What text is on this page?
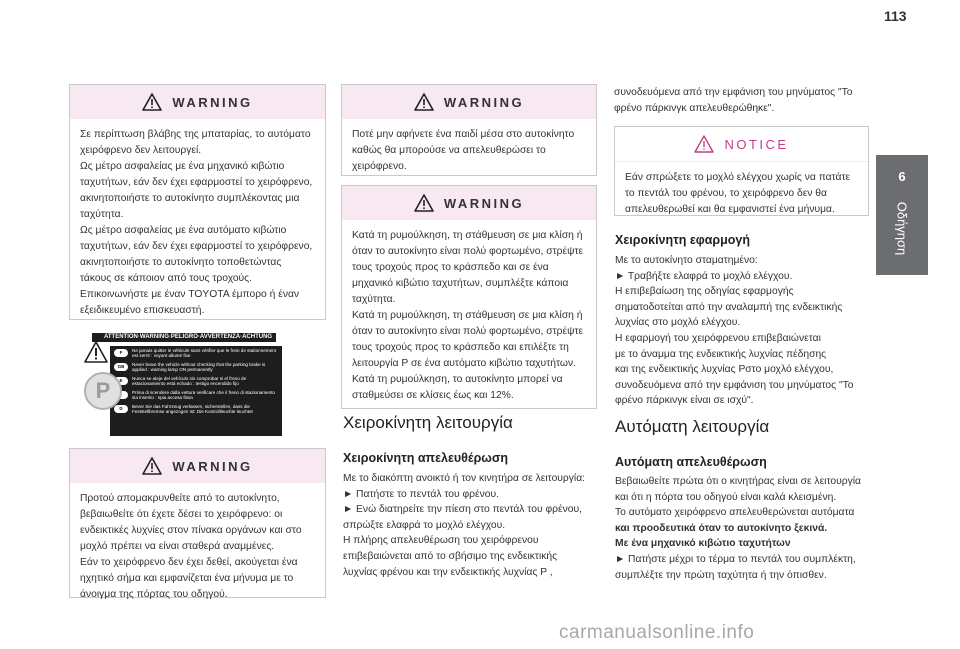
113
6
Οδήγηση
WARNING

Σε περίπτωση βλάβης της μπαταρίας, το αυτόματο

χειρόφρενο δεν λειτουργεί.

Ως μέτρο ασφαλείας με ένα μηχανικό κιβώτιο

ταχυτήτων, εάν δεν έχει εφαρμοστεί το χειρόφρενο,

ακινητοποιήστε το αυτοκίνητο συμπλέκοντας μια

ταχύτητα.

Ως μέτρο ασφαλείας με ένα αυτόματο κιβώτιο

ταχυτήτων, εάν δεν έχει εφαρμοστεί το χειρόφρενο,

ακινητοποιήστε το αυτοκίνητο τοποθετώντας

τάκους σε κάποιον από τους τροχούς.

Επικοινωνήστε με έναν TOYOTA έμπορο ή έναν

εξειδικευμένο επισκευαστή.

ATTENTION·WARNING·PELIGRO·AVVERTENZA·ACHTUNG
F	Ne jamais quitter le véhicule sans vérifier que le frein de stationnement est serré : voyant allumé fixe
GB	Never leave the vehicle without checking that the parking brake is applied : warning lamp ON permanently
E	Nunca se aleje del vehículo sin comprobar si el freno de estacionamiento está echado : testigo encendido fijo
Prima di scendere dalla vettura verificare che il freno di stazionamento sia inserito : spia accesa fissa
D	Bevor Sie das Fahrzeug verlassen, sicherstellen, dass die Feststellbremse angezogen ist: Die Kontrollleuchte leuchtet
P
WARNING

Προτού απομακρυνθείτε από το αυτοκίνητο,

βεβαιωθείτε ότι έχετε δέσει το χειρόφρενο: οι

ενδεικτικές λυχνίες στον πίνακα οργάνων και στο

μοχλό πρέπει να είναι σταθερά αναμμένες.

Εάν το χειρόφρενο δεν έχει δεθεί, ακούγεται ένα

ηχητικό σήμα και εμφανίζεται ένα μήνυμα με το

άνοιγμα της πόρτας του οδηγού.

WARNING

Ποτέ μην αφήνετε ένα παιδί μέσα στο αυτοκίνητο

καθώς θα μπορούσε να απελευθερώσει το

χειρόφρενο.

WARNING

Κατά τη ρυμούλκηση, τη στάθμευση σε μια κλίση ή

όταν το αυτοκίνητο είναι πολύ φορτωμένο, στρέψτε

τους τροχούς προς το κράσπεδο και σε ένα

μηχανικό κιβώτιο ταχυτήτων, συμπλέξτε κάποια

ταχύτητα.

Κατά τη ρυμούλκηση, τη στάθμευση σε μια κλίση ή

όταν το αυτοκίνητο είναι πολύ φορτωμένο, στρέψτε

τους τροχούς προς το κράσπεδο και επιλέξτε τη

λειτουργία P σε ένα αυτόματο κιβώτιο ταχυτήτων.

Κατά τη ρυμούλκηση, το αυτοκίνητο μπορεί να

σταθμεύσει σε κλίσεις έως και 12%.

Χειροκίνητη λειτουργία
Χειροκίνητη απελευθέρωση

Με το διακόπτη ανοικτό ή τον κινητήρα σε λειτουργία:

► Πατήστε το πεντάλ του φρένου.

► Ενώ διατηρείτε την πίεση στο πεντάλ του φρένου,

σπρώξτε ελαφρά το μοχλό ελέγχου.

Η πλήρης απελευθέρωση του χειρόφρενου

επιβεβαιώνεται από το σβήσιμο της ενδεικτικής

λυχνίας φρένου και την ενδεικτικής λυχνίας P ,

συνοδευόμενα από την εμφάνιση του μηνύματος "Το

φρένο πάρκινγκ απελευθερώθηκε".

NOTICE

Εάν σπρώξετε το μοχλό ελέγχου χωρίς να πατάτε

το πεντάλ του φρένου, το χειρόφρενο δεν θα

απελευθερωθεί και θα εμφανιστεί ένα μήνυμα.

Χειροκίνητη εφαρμογή

Με το αυτοκίνητο σταματημένο:

► Τραβήξτε ελαφρά το μοχλό ελέγχου.

Η επιβεβαίωση της οδηγίας εφαρμογής

σηματοδοτείται από την αναλαμπή της ενδεικτικής

λυχνίας στο μοχλό ελέγχου.

Η εφαρμογή του χειρόφρενου επιβεβαιώνεται

με το άναμμα της ενδεικτικής λυχνίας πέδησης

και της ενδεικτικής λυχνίας Pστο μοχλό ελέγχου,

συνοδευόμενα από την εμφάνιση του μηνύματος "Το

φρένο πάρκινγκ είναι σε ισχύ".

Αυτόματη λειτουργία
Αυτόματη απελευθέρωση

Βεβαιωθείτε πρώτα ότι ο κινητήρας είναι σε λειτουργία

και ότι η πόρτα του οδηγού είναι καλά κλεισμένη.

Το αυτόματο χειρόφρενο απελευθερώνεται αυτόματα

και προοδευτικά όταν το αυτοκίνητο ξεκινά.

Με ένα μηχανικό κιβώτιο ταχυτήτων

► Πατήστε μέχρι το τέρμα το πεντάλ του συμπλέκτη,

συμπλέξτε την πρώτη ταχύτητα ή την όπισθεν.

carmanualsonline.info
